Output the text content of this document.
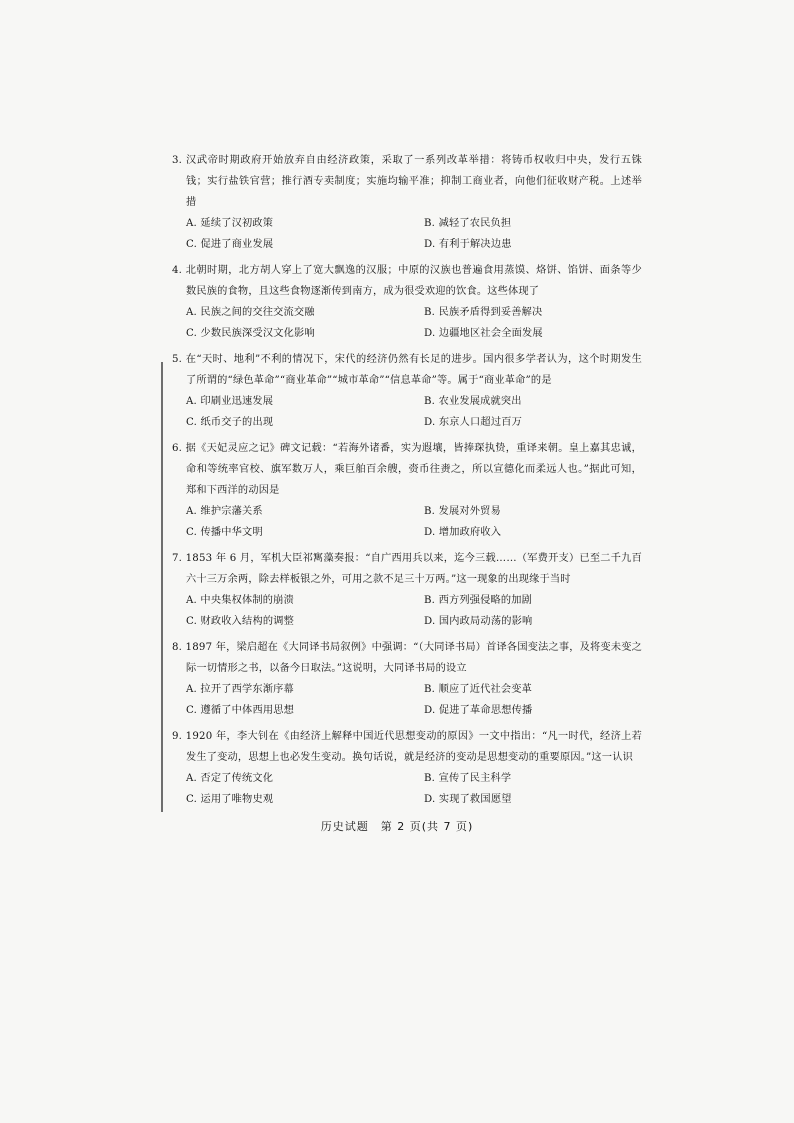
3. 汉武帝时期政府开始放弃自由经济政策，采取了一系列改革举措：将铸币权收归中央，发行五铢钱；实行盐铁官营；推行酒专卖制度；实施均输平准；抑制工商业者，向他们征收财产税。上述举措

A. 延续了汉初政策	B. 减轻了农民负担
C. 促进了商业发展	D. 有利于解决边患

4. 北朝时期，北方胡人穿上了宽大飘逸的汉服；中原的汉族也普遍食用蒸馍、烙饼、馅饼、面条等少数民族的食物，且这些食物逐渐传到南方，成为很受欢迎的饮食。这些体现了

A. 民族之间的交往交流交融	B. 民族矛盾得到妥善解决
C. 少数民族深受汉文化影响	D. 边疆地区社会全面发展

5. 在“天时、地利”不利的情况下，宋代的经济仍然有长足的进步。国内很多学者认为，这个时期发生了所谓的“绿色革命”“商业革命”“城市革命”“信息革命”等。属于“商业革命”的是

A. 印刷业迅速发展	B. 农业发展成就突出
C. 纸币交子的出现	D. 东京人口超过百万

6. 据《天妃灵应之记》碑文记载：“若海外诸番，实为遐壤，皆捧琛执贽，重译来朝。皇上嘉其忠诚，命和等统率官校、旗军数万人，乘巨舶百余艘，赍币往赉之，所以宣德化而柔远人也。”据此可知，郑和下西洋的动因是

A. 维护宗藩关系	B. 发展对外贸易
C. 传播中华文明	D. 增加政府收入

7. 1853 年 6 月，军机大臣祁寯藻奏报：“自广西用兵以来，迄今三载……（军费开支）已至二千九百六十三万余两，除去样板银之外，可用之款不足三十万两。”这一现象的出现缘于当时

A. 中央集权体制的崩溃	B. 西方列强侵略的加剧
C. 财政收入结构的调整	D. 国内政局动荡的影响

8. 1897 年，梁启超在《大同译书局叙例》中强调：“（大同译书局）首译各国变法之事，及将变未变之际一切情形之书，以备今日取法。”这说明，大同译书局的设立

A. 拉开了西学东渐序幕	B. 顺应了近代社会变革
C. 遵循了中体西用思想	D. 促进了革命思想传播

9. 1920 年，李大钊在《由经济上解释中国近代思想变动的原因》一文中指出：“凡一时代，经济上若发生了变动，思想上也必发生变动。换句话说，就是经济的变动是思想变动的重要原因。”这一认识

A. 否定了传统文化	B. 宣传了民主科学
C. 运用了唯物史观	D. 实现了救国愿望
历史试题　第 2 页(共 7 页)
